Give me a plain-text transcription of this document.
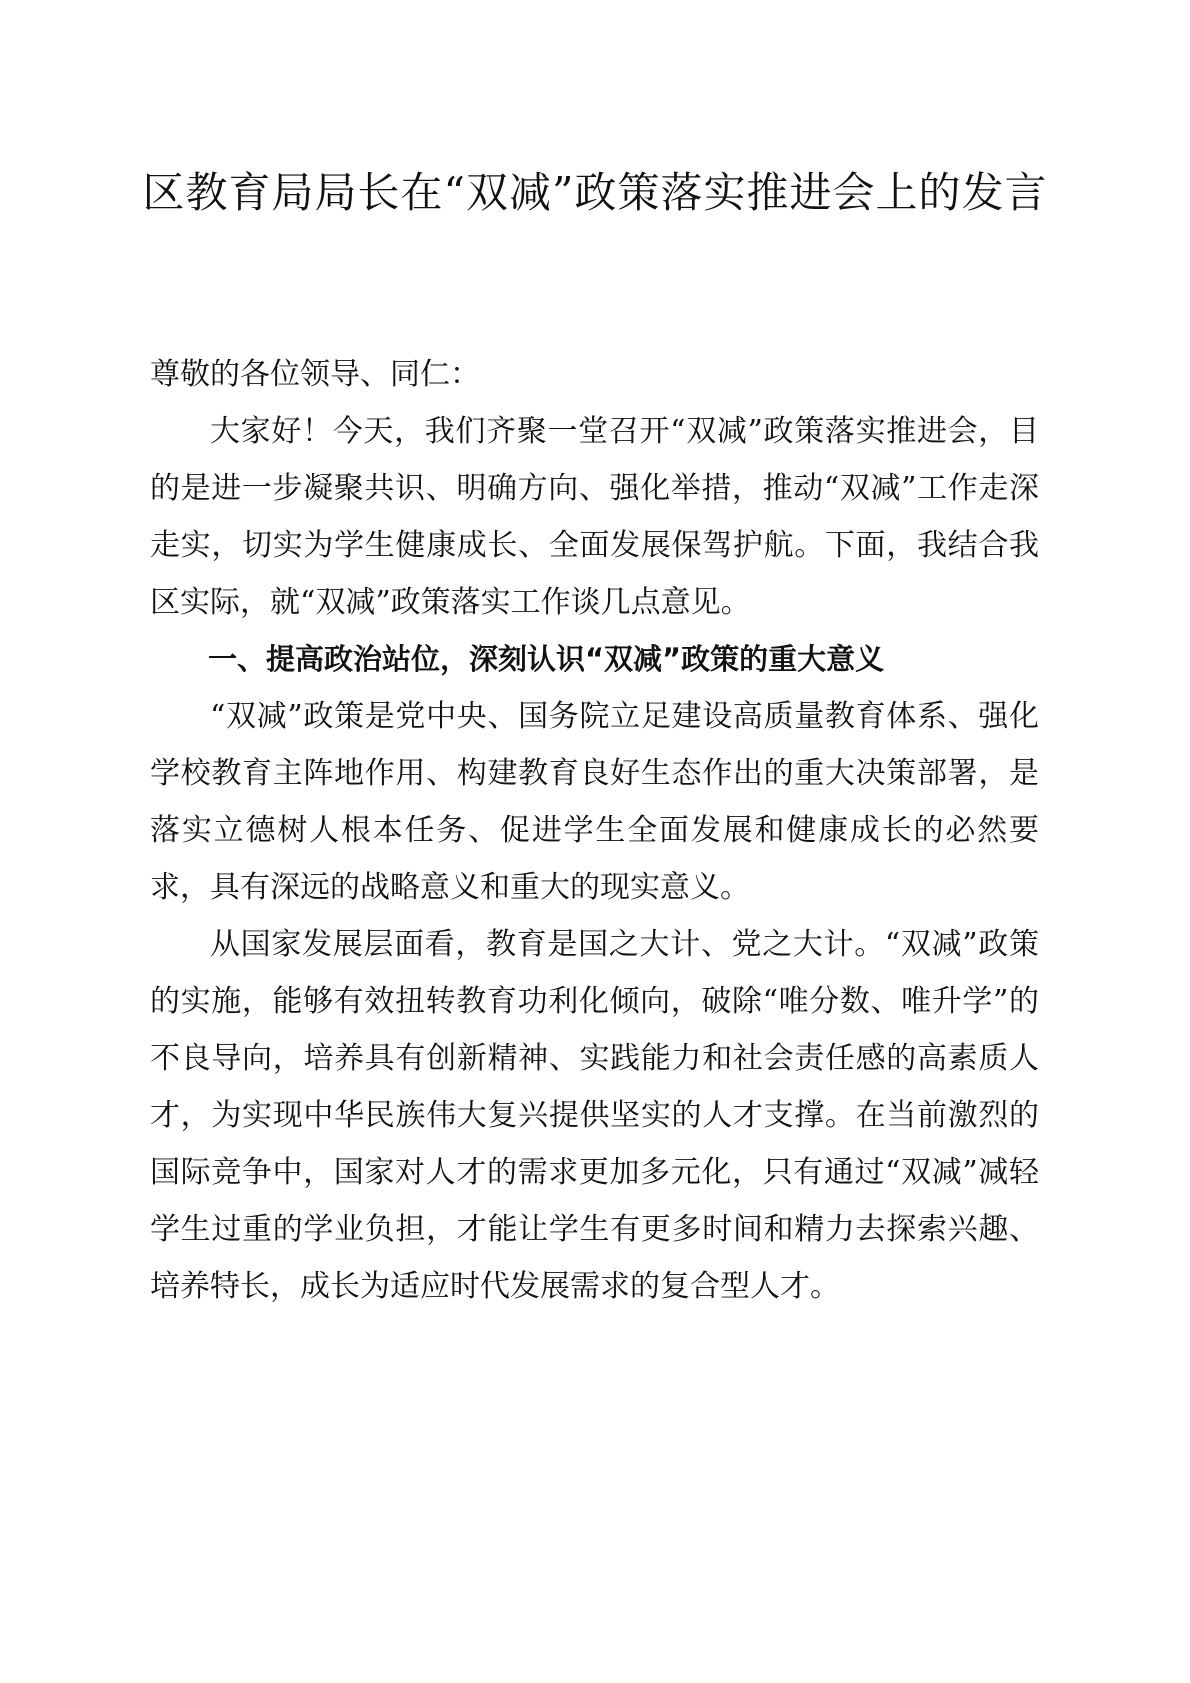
区教育局局长在“双减”政策落实推进会上的发言

尊敬的各位领导、同仁：

大家好！今天，我们齐聚一堂召开“双减”政策落实推进会，目的是进一步凝聚共识、明确方向、强化举措，推动“双减”工作走深走实，切实为学生健康成长、全面发展保驾护航。下面，我结合我区实际，就“双减”政策落实工作谈几点意见。

一、提高政治站位，深刻认识“双减”政策的重大意义

“双减”政策是党中央、国务院立足建设高质量教育体系、强化学校教育主阵地作用、构建教育良好生态作出的重大决策部署，是落实立德树人根本任务、促进学生全面发展和健康成长的必然要求，具有深远的战略意义和重大的现实意义。

从国家发展层面看，教育是国之大计、党之大计。“双减”政策的实施，能够有效扭转教育功利化倾向，破除“唯分数、唯升学”的不良导向，培养具有创新精神、实践能力和社会责任感的高素质人才，为实现中华民族伟大复兴提供坚实的人才支撑。在当前激烈的国际竞争中，国家对人才的需求更加多元化，只有通过“双减”减轻学生过重的学业负担，才能让学生有更多时间和精力去探索兴趣、培养特长，成长为适应时代发展需求的复合型人才。
